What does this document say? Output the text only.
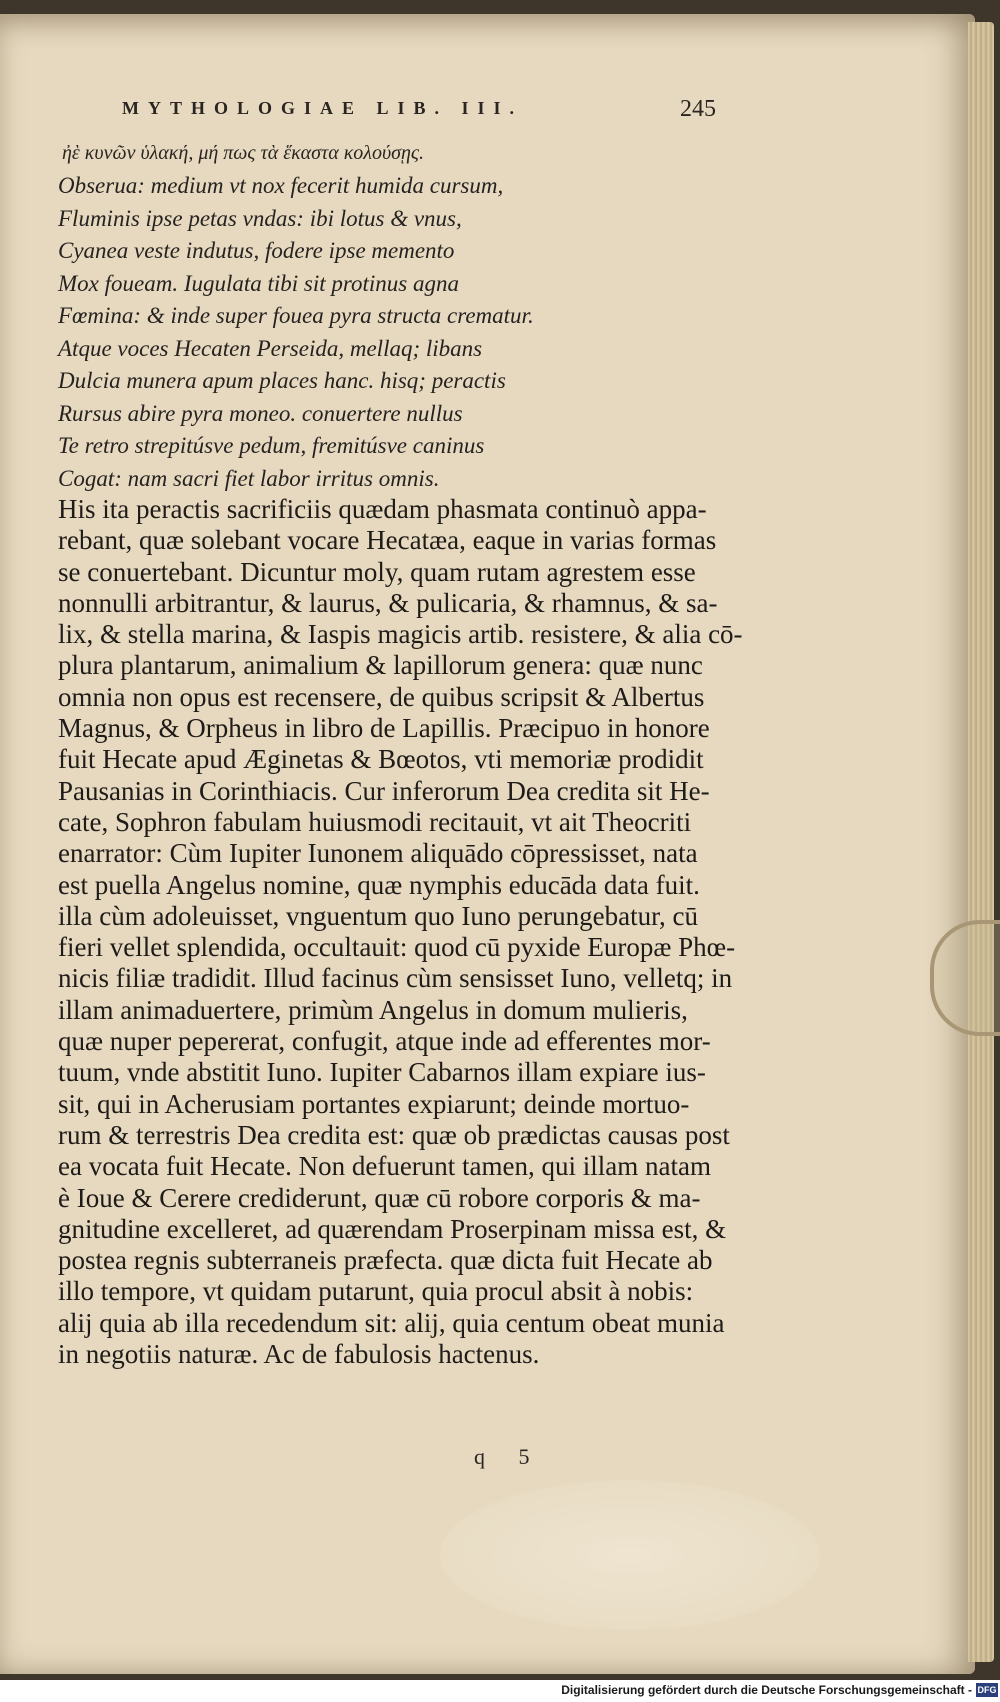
MYTHOLOGIAE LIB. III.	245
ἠὲ κυνῶν ὑλακή, μή πως τὰ ἕκαστα κολούσῃς.
Obserua: medium vt nox fecerit humida cursum,
Fluminis ipse petas vndas: ibi lotus & vnus,
Cyanea veste indutus, fodere ipse memento
Mox foueam. Iugulata tibi sit protinus agna
Fœmina: & inde super fouea pyra structa crematur.
Atque voces Hecaten Perseida, mellaq; libans
Dulcia munera apum places hanc. hisq; peractis
Rursus abire pyra moneo. conuertere nullus
Te retro strepitúsve pedum, fremitúsve caninus
Cogat: nam sacri fiet labor irritus omnis.
His ita peractis sacrificiis quædam phasmata continuò appa-
rebant, quæ solebant vocare Hecatæa, eaque in varias formas
se conuertebant. Dicuntur moly, quam rutam agrestem esse
nonnulli arbitrantur, & laurus, & pulicaria, & rhamnus, & sa-
lix, & stella marina, & Iaspis magicis artib. resistere, & alia cō-
plura plantarum, animalium & lapillorum genera: quæ nunc
omnia non opus est recensere, de quibus scripsit & Albertus
Magnus, & Orpheus in libro de Lapillis. Præcipuo in honore
fuit Hecate apud Æginetas & Bœotos, vti memoriæ prodidit
Pausanias in Corinthiacis. Cur inferorum Dea credita sit He-
cate, Sophron fabulam huiusmodi recitauit, vt ait Theocriti
enarrator: Cùm Iupiter Iunonem aliquādo cōpressisset, nata
est puella Angelus nomine, quæ nymphis educāda data fuit.
illa cùm adoleuisset, vnguentum quo Iuno perungebatur, cū
fieri vellet splendida, occultauit: quod cū pyxide Europæ Phœ-
nicis filiæ tradidit. Illud facinus cùm sensisset Iuno, velletq; in
illam animaduertere, primùm Angelus in domum mulieris,
quæ nuper pepererat, confugit, atque inde ad efferentes mor-
tuum, vnde abstitit Iuno. Iupiter Cabarnos illam expiare ius-
sit, qui in Acherusiam portantes expiarunt; deinde mortuo-
rum & terrestris Dea credita est: quæ ob prædictas causas post
ea vocata fuit Hecate. Non defuerunt tamen, qui illam natam
è Ioue & Cerere crediderunt, quæ cū robore corporis & ma-
gnitudine excelleret, ad quærendam Proserpinam missa est, &
postea regnis subterraneis præfecta. quæ dicta fuit Hecate ab
illo tempore, vt quidam putarunt, quia procul absit à nobis:
alij quia ab illa recedendum sit: alij, quia centum obeat munia
in negotiis naturæ. Ac de fabulosis hactenus.
q 5
Digitalisierung gefördert durch die Deutsche Forschungsgemeinschaft - DFG
